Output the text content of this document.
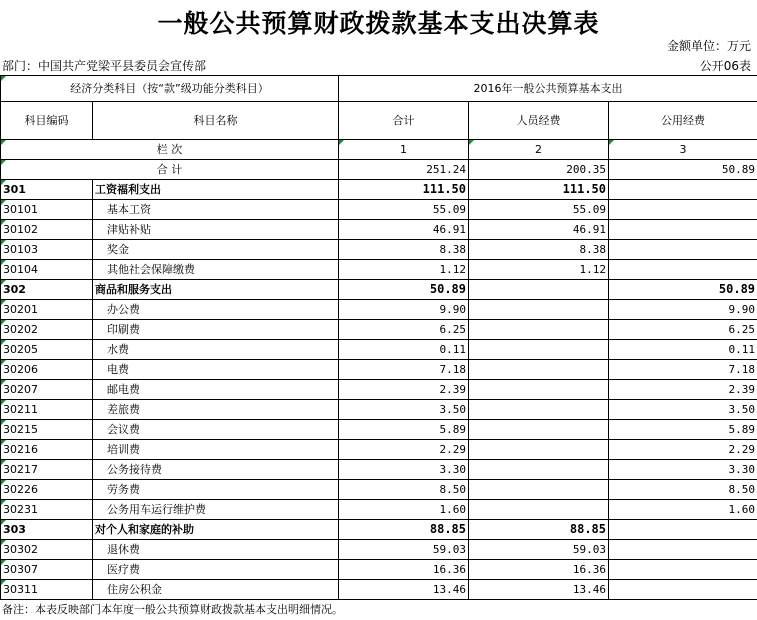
一般公共预算财政拨款基本支出决算表
金额单位：万元
部门：中国共产党梁平县委员会宣传部	公开06表
经济分类科目（按“款”级功能分类科目）		2016年一般公共预算基本支出		
科目编码	科目名称	合计	人员经费	公用经费
栏 次		1	2	3
合 计		251.24	200.35	50.89
301	工资福利支出	111.50	111.50	
30101	基本工资	55.09	55.09	
30102	津贴补贴	46.91	46.91	
30103	奖金	8.38	8.38	
30104	其他社会保障缴费	1.12	1.12	
302	商品和服务支出	50.89		50.89
30201	办公费	9.90		9.90
30202	印刷费	6.25		6.25
30205	水费	0.11		0.11
30206	电费	7.18		7.18
30207	邮电费	2.39		2.39
30211	差旅费	3.50		3.50
30215	会议费	5.89		5.89
30216	培训费	2.29		2.29
30217	公务接待费	3.30		3.30
30226	劳务费	8.50		8.50
30231	公务用车运行维护费	1.60		1.60
303	对个人和家庭的补助	88.85	88.85	
30302	退休费	59.03	59.03	
30307	医疗费	16.36	16.36	
30311	住房公积金	13.46	13.46	
备注：本表反映部门本年度一般公共预算财政拨款基本支出明细情况。
